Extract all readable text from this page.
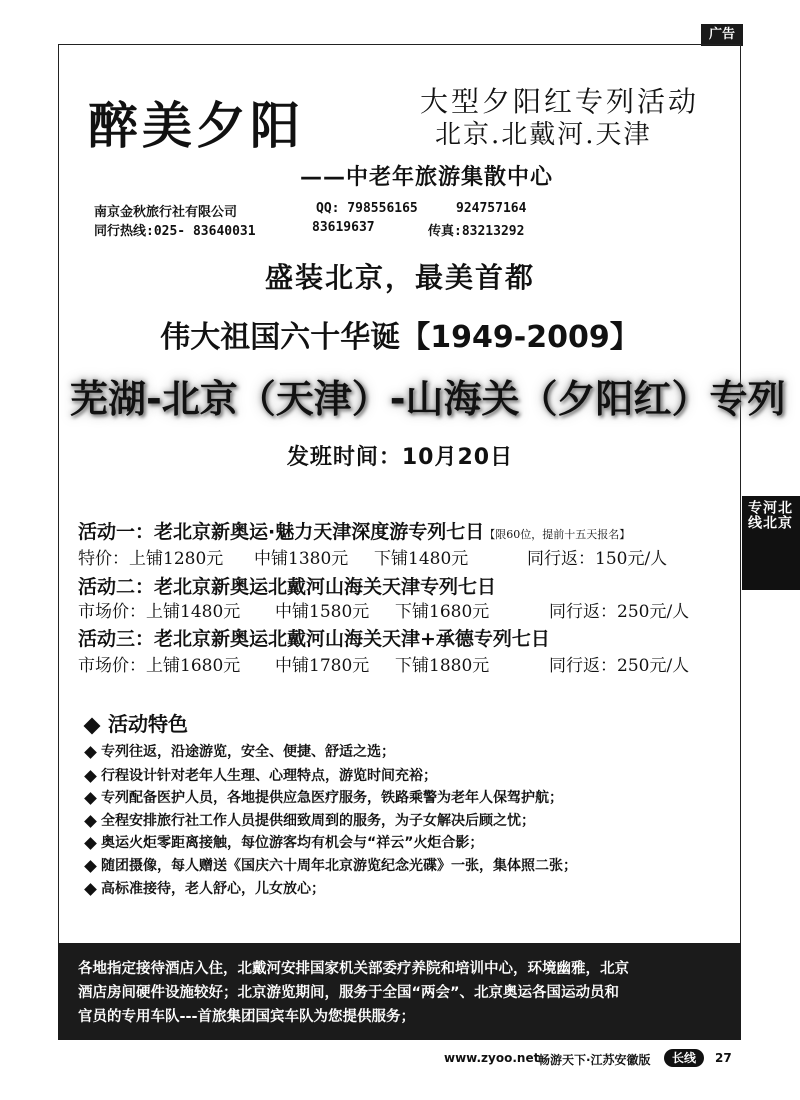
广告
北京
河北
专线
醉美夕阳	大型夕阳红专列活动
北京.北戴河.天津
——中老年旅游集散中心
南京金秋旅行社有限公司	QQ: 798556165	924757164
同行热线:025- 83640031	83619637	传真:83213292
盛装北京，最美首都
伟大祖国六十华诞【1949-2009】
芜湖-北京（天津）-山海关（夕阳红）专列
发班时间：10月20日
活动一：老北京新奥运·魅力天津深度游专列七日【限60位，提前十五天报名】
特价：上铺1280元 中铺1380元 下铺1480元	同行返：150元/人
活动二：老北京新奥运北戴河山海关天津专列七日
市场价：上铺1480元 中铺1580元 下铺1680元	同行返：250元/人
活动三：老北京新奥运北戴河山海关天津+承德专列七日
市场价：上铺1680元 中铺1780元 下铺1880元	同行返：250元/人
活动特色
专列往返，沿途游览，安全、便捷、舒适之选；
行程设计针对老年人生理、心理特点，游览时间充裕；
专列配备医护人员，各地提供应急医疗服务，铁路乘警为老年人保驾护航；
全程安排旅行社工作人员提供细致周到的服务，为子女解决后顾之忧；
奥运火炬零距离接触，每位游客均有机会与“祥云”火炬合影；
随团摄像，每人赠送《国庆六十周年北京游览纪念光碟》一张，集体照二张；
高标准接待，老人舒心，儿女放心；
各地指定接待酒店入住，北戴河安排国家机关部委疗养院和培训中心，环境幽雅，北京
酒店房间硬件设施较好；北京游览期间，服务于全国“两会”、北京奥运各国运动员和
官员的专用车队---首旅集团国宾车队为您提供服务；
www.zyoo.net
畅游天下·江苏安徽版	长线	27
